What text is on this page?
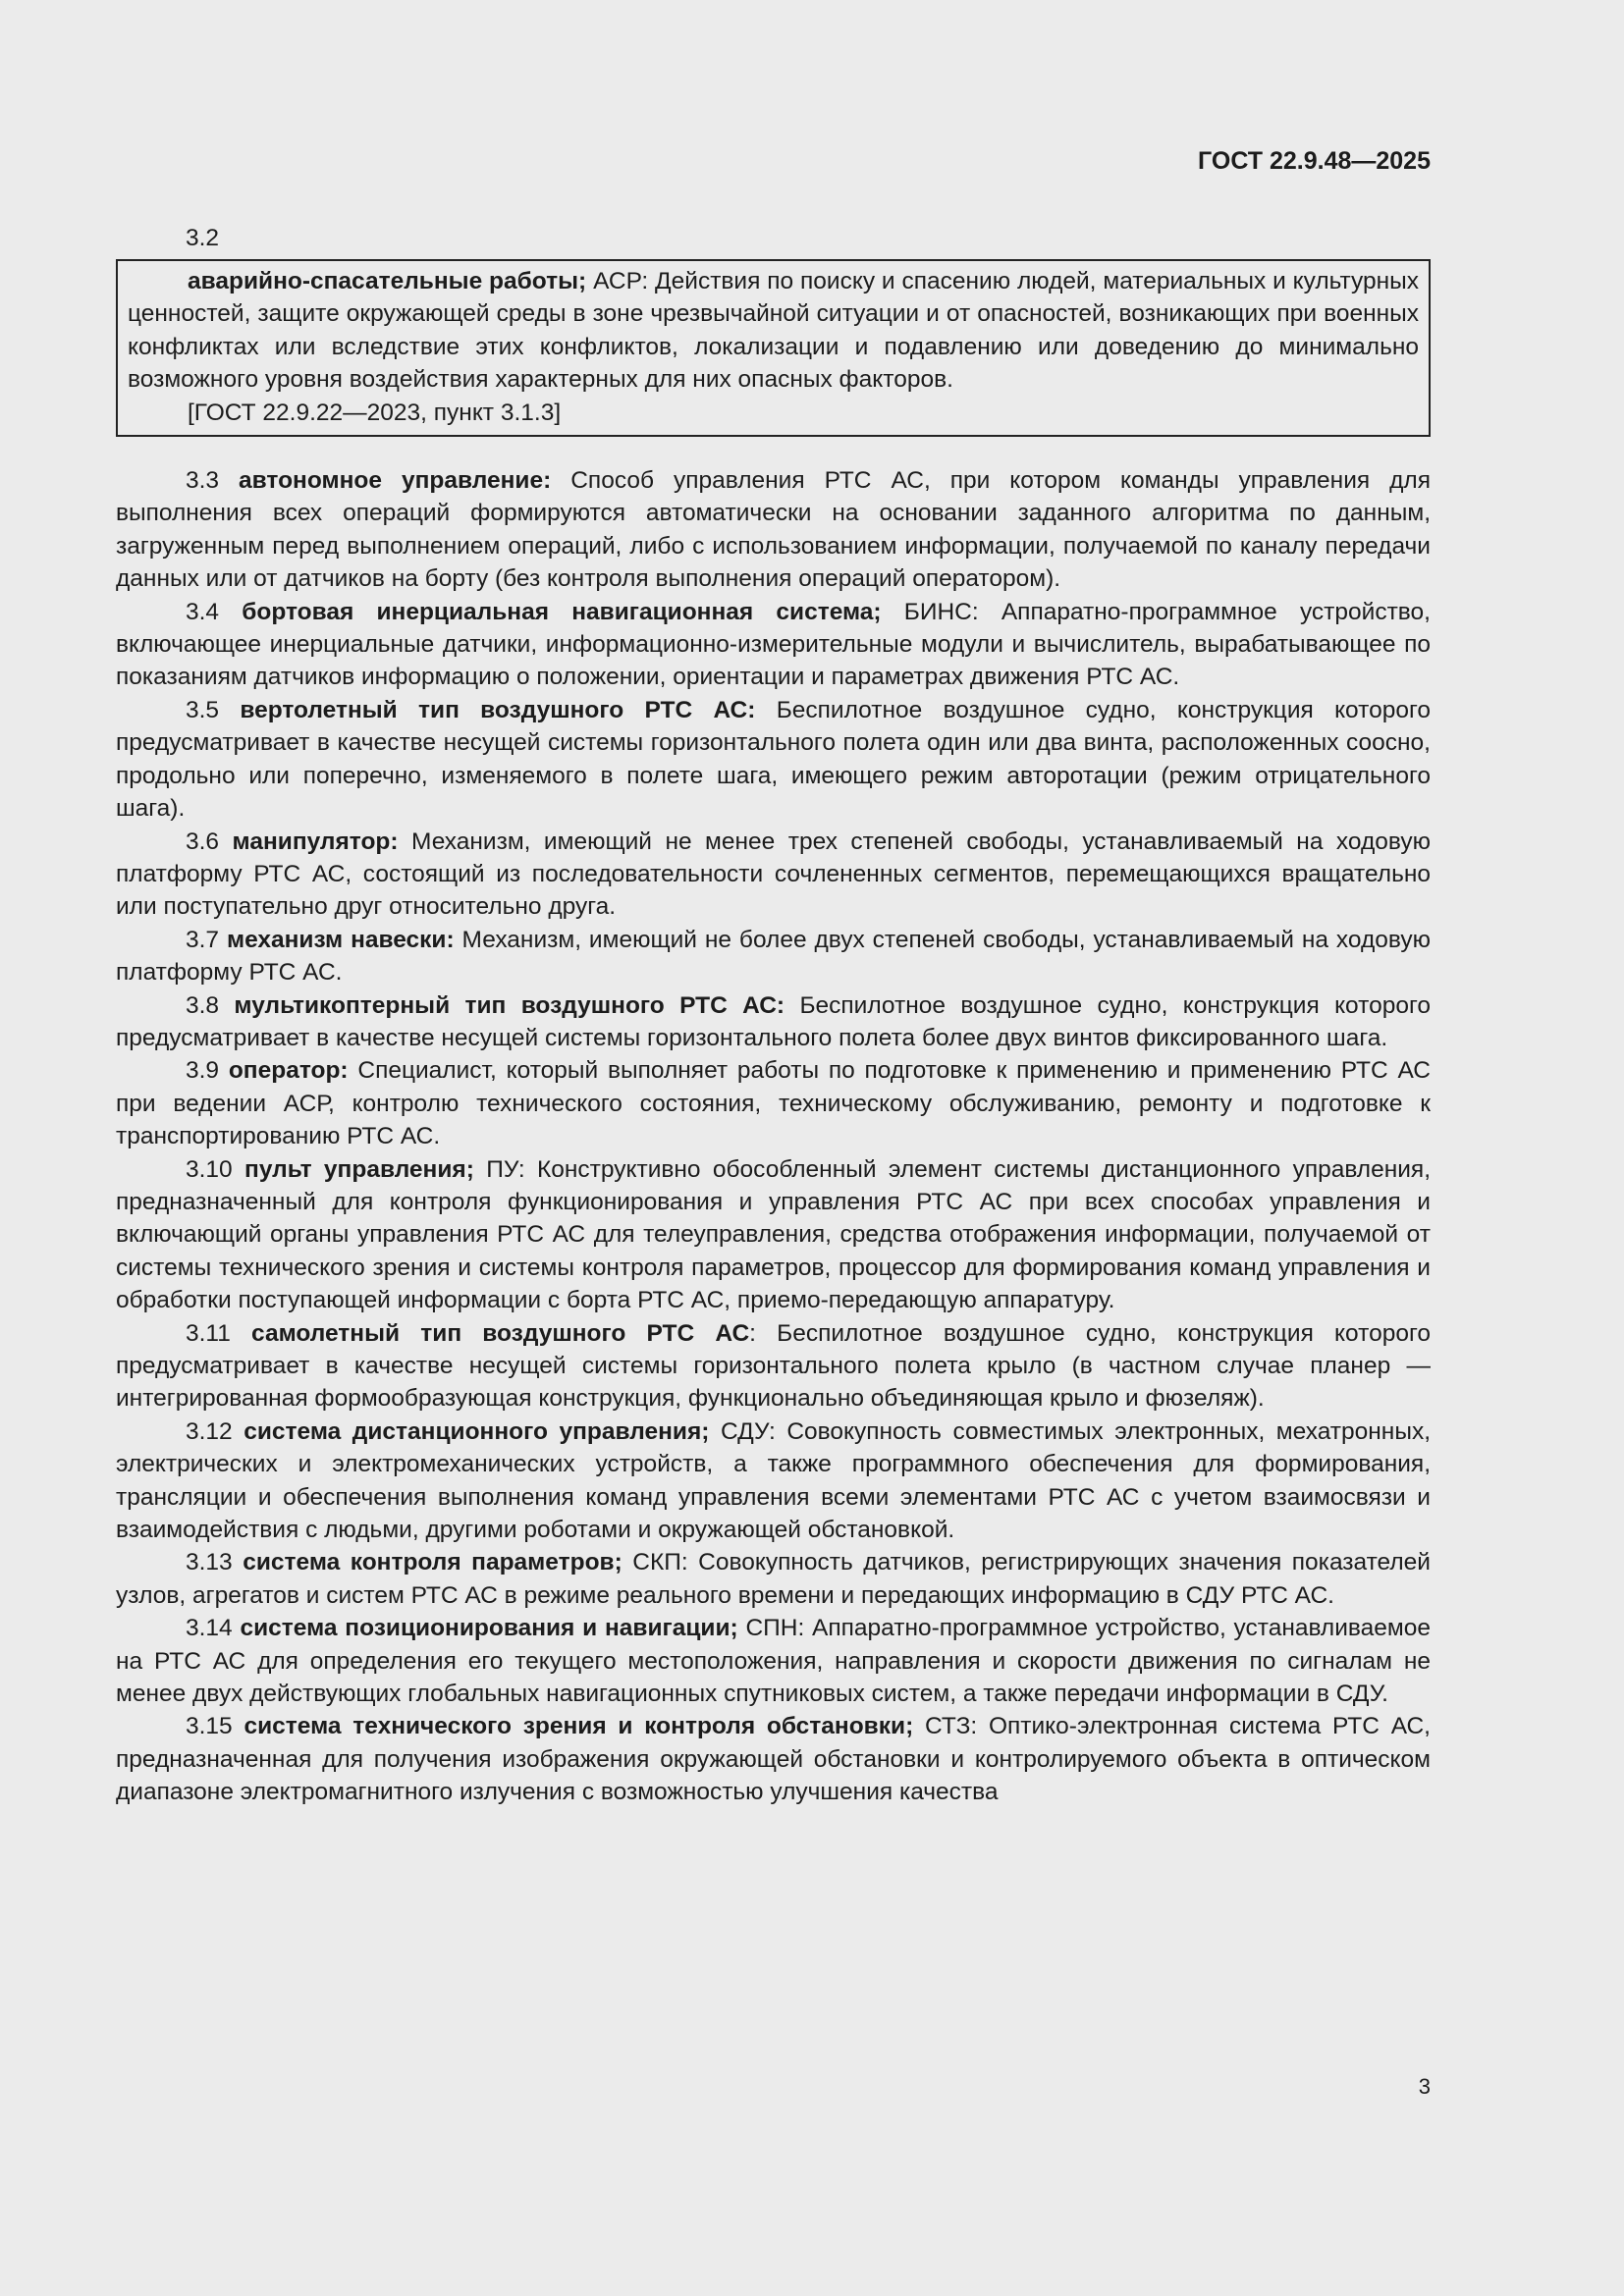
ГОСТ 22.9.48—2025
3.2

аварийно-спасательные работы; АСР: Действия по поиску и спасению людей, материальных и культурных ценностей, защите окружающей среды в зоне чрезвычайной ситуации и от опасностей, возникающих при военных конфликтах или вследствие этих конфликтов, локализации и подавлению или доведению до минимально возможного уровня воздействия характерных для них опасных факторов.

[ГОСТ 22.9.22—2023, пункт 3.1.3]

3.3 автономное управление: Способ управления РТС АС, при котором команды управления для выполнения всех операций формируются автоматически на основании заданного алгоритма по данным, загруженным перед выполнением операций, либо с использованием информации, получаемой по каналу передачи данных или от датчиков на борту (без контроля выполнения операций оператором).

3.4 бортовая инерциальная навигационная система; БИНС: Аппаратно-программное устройство, включающее инерциальные датчики, информационно-измерительные модули и вычислитель, вырабатывающее по показаниям датчиков информацию о положении, ориентации и параметрах движения РТС АС.

3.5 вертолетный тип воздушного РТС АС: Беспилотное воздушное судно, конструкция которого предусматривает в качестве несущей системы горизонтального полета один или два винта, расположенных соосно, продольно или поперечно, изменяемого в полете шага, имеющего режим авторотации (режим отрицательного шага).

3.6 манипулятор: Механизм, имеющий не менее трех степеней свободы, устанавливаемый на ходовую платформу РТС АС, состоящий из последовательности сочлененных сегментов, перемещающихся вращательно или поступательно друг относительно друга.

3.7 механизм навески: Механизм, имеющий не более двух степеней свободы, устанавливаемый на ходовую платформу РТС АС.

3.8 мультикоптерный тип воздушного РТС АС: Беспилотное воздушное судно, конструкция которого предусматривает в качестве несущей системы горизонтального полета более двух винтов фиксированного шага.

3.9 оператор: Специалист, который выполняет работы по подготовке к применению и применению РТС АС при ведении АСР, контролю технического состояния, техническому обслуживанию, ремонту и подготовке к транспортированию РТС АС.

3.10 пульт управления; ПУ: Конструктивно обособленный элемент системы дистанционного управления, предназначенный для контроля функционирования и управления РТС АС при всех способах управления и включающий органы управления РТС АС для телеуправления, средства отображения информации, получаемой от системы технического зрения и системы контроля параметров, процессор для формирования команд управления и обработки поступающей информации с борта РТС АС, приемо-передающую аппаратуру.

3.11 самолетный тип воздушного РТС АС: Беспилотное воздушное судно, конструкция которого предусматривает в качестве несущей системы горизонтального полета крыло (в частном случае планер — интегрированная формообразующая конструкция, функционально объединяющая крыло и фюзеляж).

3.12 система дистанционного управления; СДУ: Совокупность совместимых электронных, мехатронных, электрических и электромеханических устройств, а также программного обеспечения для формирования, трансляции и обеспечения выполнения команд управления всеми элементами РТС АС с учетом взаимосвязи и взаимодействия с людьми, другими роботами и окружающей обстановкой.

3.13 система контроля параметров; СКП: Совокупность датчиков, регистрирующих значения показателей узлов, агрегатов и систем РТС АС в режиме реального времени и передающих информацию в СДУ РТС АС.

3.14 система позиционирования и навигации; СПН: Аппаратно-программное устройство, устанавливаемое на РТС АС для определения его текущего местоположения, направления и скорости движения по сигналам не менее двух действующих глобальных навигационных спутниковых систем, а также передачи информации в СДУ.

3.15 система технического зрения и контроля обстановки; СТЗ: Оптико-электронная система РТС АС, предназначенная для получения изображения окружающей обстановки и контролируемого объекта в оптическом диапазоне электромагнитного излучения с возможностью улучшения качества

3
